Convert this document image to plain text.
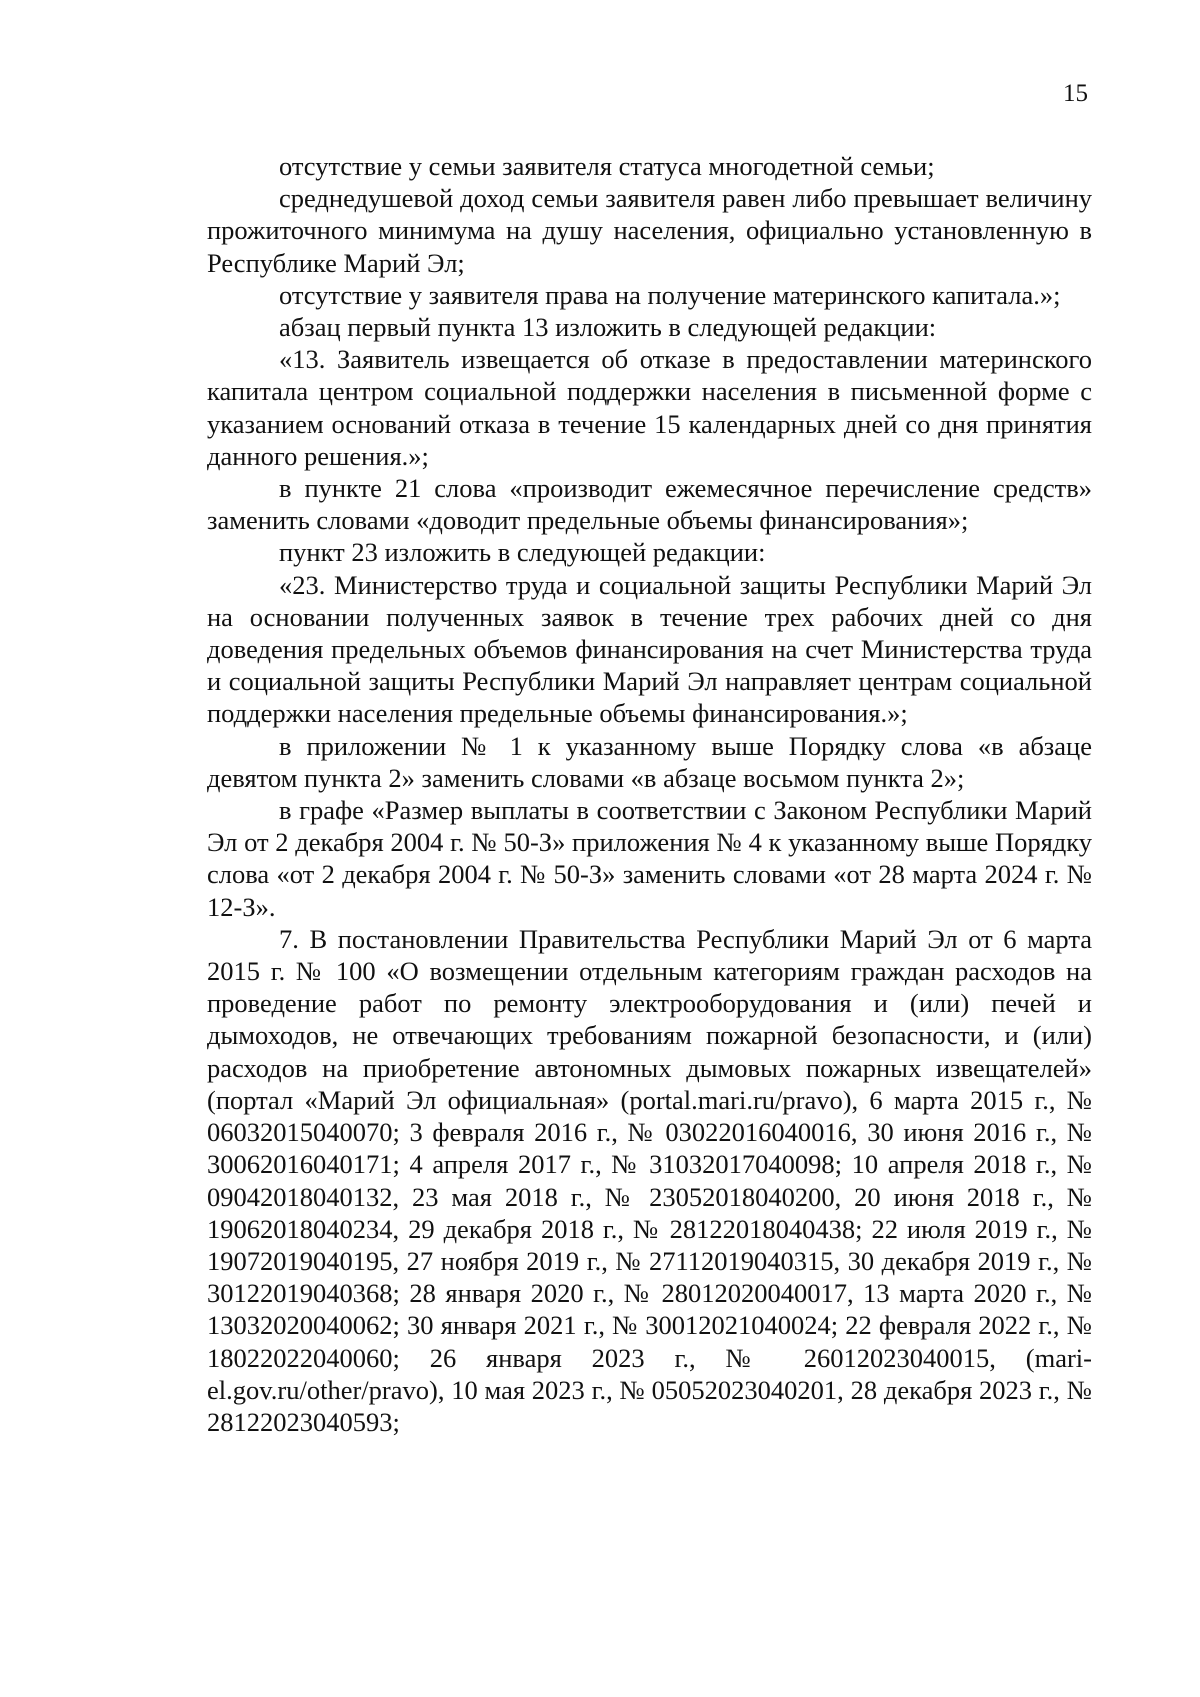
15

отсутствие у семьи заявителя статуса многодетной семьи;

среднедушевой доход семьи заявителя равен либо превышает величину прожиточного минимума на душу населения, официально установленную в Республике Марий Эл;

отсутствие у заявителя права на получение материнского капитала.»;

абзац первый пункта 13 изложить в следующей редакции:

«13. Заявитель извещается об отказе в предоставлении материнского капитала центром социальной поддержки населения в письменной форме с указанием оснований отказа в течение 15 календарных дней со дня принятия данного решения.»;

в пункте 21 слова «производит ежемесячное перечисление средств» заменить словами «доводит предельные объемы финансирования»;

пункт 23 изложить в следующей редакции:

«23. Министерство труда и социальной защиты Республики Марий Эл на основании полученных заявок в течение трех рабочих дней со дня доведения предельных объемов финансирования на счет Министерства труда и социальной защиты Республики Марий Эл направляет центрам социальной поддержки населения предельные объемы финансирования.»;

в приложении № 1 к указанному выше Порядку слова «в абзаце девятом пункта 2» заменить словами «в абзаце восьмом пункта 2»;

в графе «Размер выплаты в соответствии с Законом Республики Марий Эл от 2 декабря 2004 г. № 50-З» приложения № 4 к указанному выше Порядку слова «от 2 декабря 2004 г. № 50-З» заменить словами «от 28 марта 2024 г. № 12-З».

7. В постановлении Правительства Республики Марий Эл от 6 марта 2015 г. № 100 «О возмещении отдельным категориям граждан расходов на проведение работ по ремонту электрооборудования и (или) печей и дымоходов, не отвечающих требованиям пожарной безопасности, и (или) расходов на приобретение автономных дымовых пожарных извещателей» (портал «Марий Эл официальная» (portal.mari.ru/pravo), 6 марта 2015 г., № 06032015040070; 3 февраля 2016 г., № 03022016040016, 30 июня 2016 г., № 30062016040171; 4 апреля 2017 г., № 31032017040098; 10 апреля 2018 г., № 09042018040132, 23 мая 2018 г., № 23052018040200, 20 июня 2018 г., № 19062018040234, 29 декабря 2018 г., № 28122018040438; 22 июля 2019 г., № 19072019040195, 27 ноября 2019 г., № 27112019040315, 30 декабря 2019 г., № 30122019040368; 28 января 2020 г., № 28012020040017, 13 марта 2020 г., № 13032020040062; 30 января 2021 г., № 30012021040024; 22 февраля 2022 г., № 18022022040060; 26 января 2023 г., № 26012023040015, (mari-el.gov.ru/other/pravo), 10 мая 2023 г., № 05052023040201, 28 декабря 2023 г., № 28122023040593;
